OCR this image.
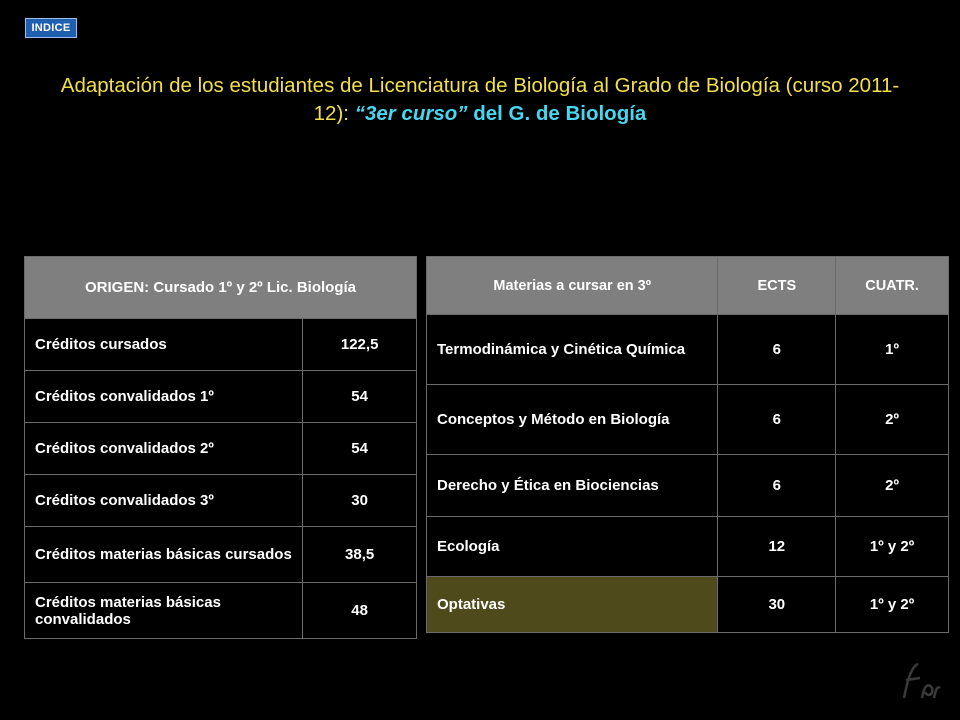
INDICE
Adaptación de los estudiantes de Licenciatura de Biología al Grado de Biología (curso 2011-12): “3er curso” del G. de Biología
ORIGEN: Cursado 1º y 2º Lic. Biología	
Créditos cursados	122,5
Créditos convalidados 1º	54
Créditos convalidados 2º	54
Créditos convalidados 3º	30
Créditos materias básicas cursados	38,5
Créditos materias básicas convalidados	48
Materias a cursar en 3º	ECTS	CUATR.
Termodinámica y Cinética Química	6	1º
Conceptos y Método en Biología	6	2º
Derecho y Ética en Biociencias	6	2º
Ecología	12	1º y 2º
Optativas	30	1º y 2º
